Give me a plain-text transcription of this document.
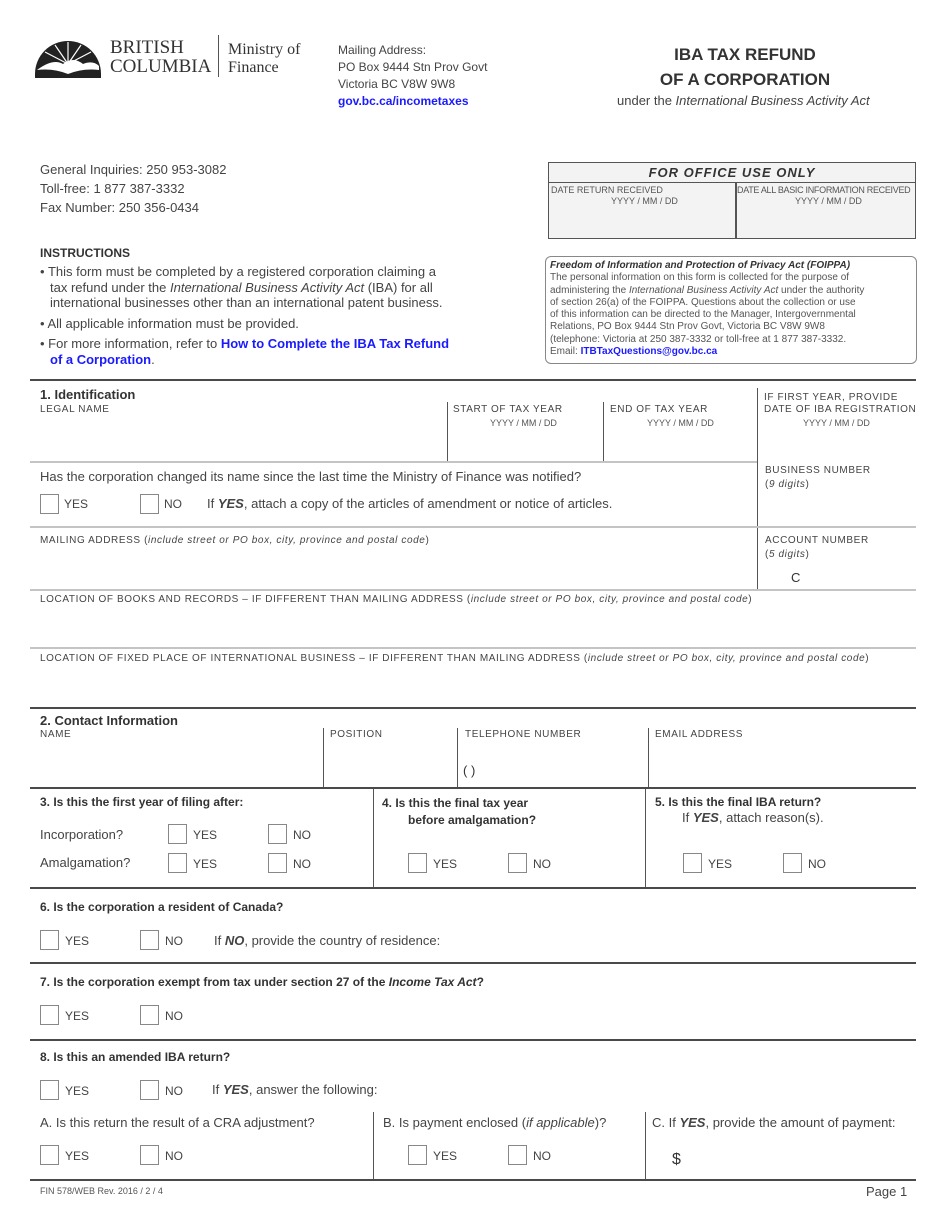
BRITISH
COLUMBIA
Ministry of
Finance
Mailing Address:
PO Box 9444 Stn Prov Govt
Victoria BC V8W 9W8
gov.bc.ca/incometaxes
IBA TAX REFUND
OF A CORPORATION
under the International Business Activity Act
General Inquiries: 250 953-3082
Toll-free: 1 877 387-3332
Fax Number: 250 356-0434
FOR OFFICE USE ONLY
DATE RETURN RECEIVED
YYYY / MM / DD
DATE ALL BASIC INFORMATION RECEIVED
YYYY / MM / DD
INSTRUCTIONS
• This form must be completed by a registered corporation claiming a
tax refund under the International Business Activity Act (IBA) for all
international businesses other than an international patent business.
• All applicable information must be provided.
• For more information, refer to How to Complete the IBA Tax Refund
of a Corporation.
Freedom of Information and Protection of Privacy Act (FOIPPA)
The personal information on this form is collected for the purpose of
administering the International Business Activity Act under the authority
of section 26(a) of the FOIPPA. Questions about the collection or use
of this information can be directed to the Manager, Intergovernmental
Relations, PO Box 9444 Stn Prov Govt, Victoria BC V8W 9W8
(telephone: Victoria at 250 387-3332 or toll-free at 1 877 387-3332.
Email: ITBTaxQuestions@gov.bc.ca
1. Identification
LEGAL NAME	START OF TAX YEAR
YYYY / MM / DD
END OF TAX YEAR
YYYY / MM / DD
IF FIRST YEAR, PROVIDE
DATE OF IBA REGISTRATION
YYYY / MM / DD
Has the corporation changed its name since the last time the Ministry of Finance was notified?
YES	NO If YES, attach a copy of the articles of amendment or notice of articles.
BUSINESS NUMBER
(9 digits)
MAILING ADDRESS (include street or PO box, city, province and postal code)	ACCOUNT NUMBER
(5 digits)
C
LOCATION OF BOOKS AND RECORDS – IF DIFFERENT THAN MAILING ADDRESS (include street or PO box, city, province and postal code)
LOCATION OF FIXED PLACE OF INTERNATIONAL BUSINESS – IF DIFFERENT THAN MAILING ADDRESS (include street or PO box, city, province and postal code)
2. Contact Information
NAME	POSITION	TELEPHONE NUMBER
( )
EMAIL ADDRESS
3. Is this the first year of filing after:
Incorporation?	YES	NO
Amalgamation?	YES	NO
4. Is this the final tax year
before amalgamation?
YES	NO
5. Is this the final IBA return?
If YES, attach reason(s).
YES	NO
6. Is the corporation a resident of Canada?
YES	NO If NO, provide the country of residence:
7. Is the corporation exempt from tax under section 27 of the Income Tax Act?
YES	NO
8. Is this an amended IBA return?
YES	NO If YES, answer the following:
A. Is this return the result of a CRA adjustment?
YES	NO
B. Is payment enclosed (if applicable)?
YES	NO
C. If YES, provide the amount of payment:
$
FIN 578/WEB Rev. 2016 / 2 / 4	Page 1
